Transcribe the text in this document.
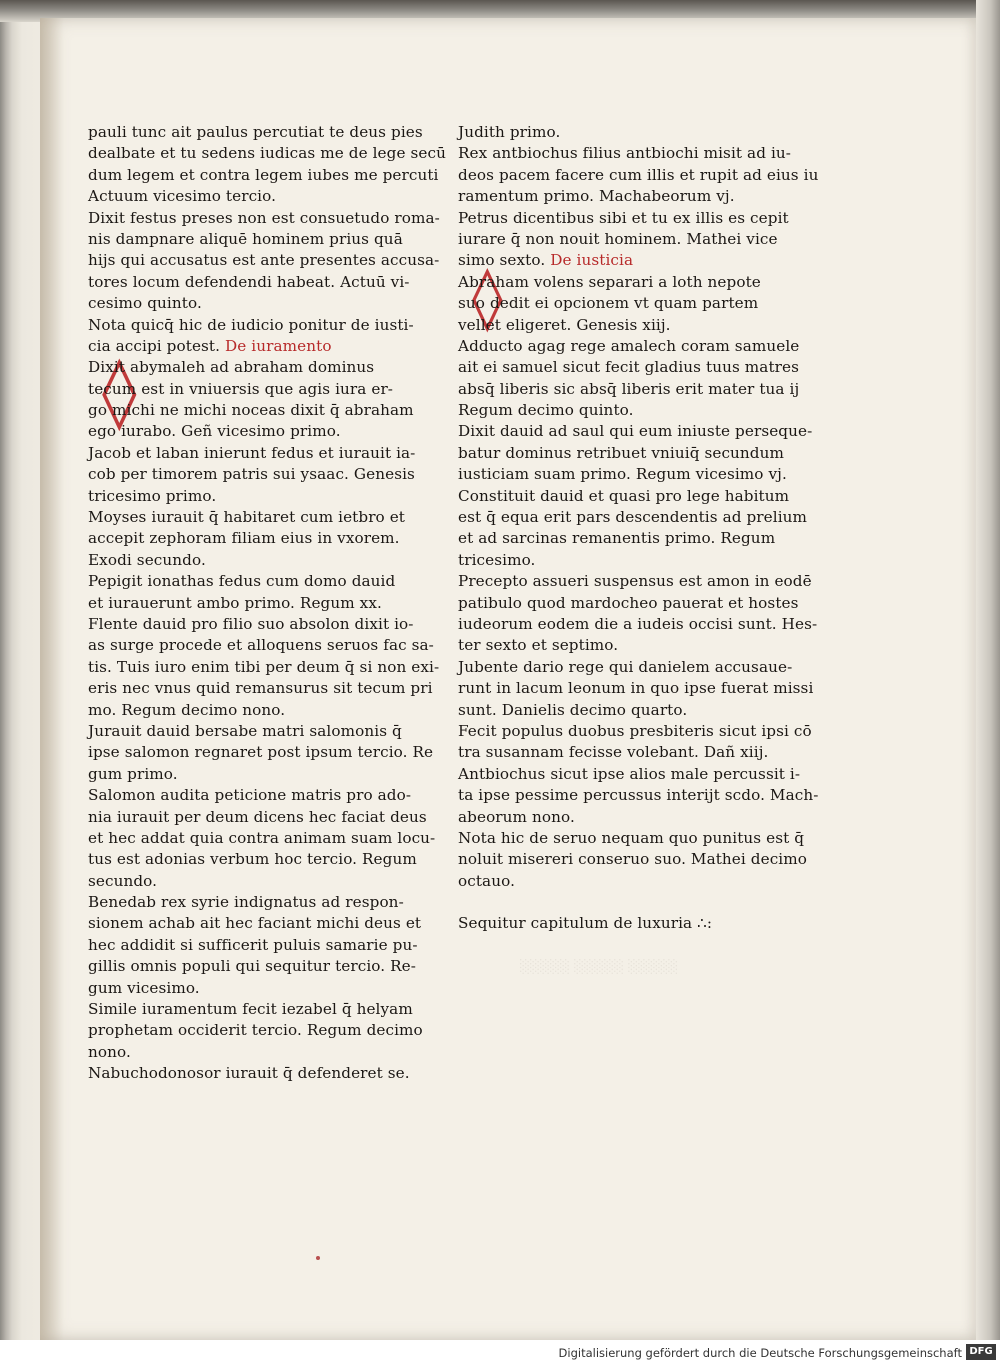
◊
◊
pauli tunc ait paulus percutiat te deus pies
dealbate et tu sedens iudicas me de lege secū
dum legem et contra legem iubes me percuti
Actuum vicesimo tercio.
Dixit festus preses non est consuetudo roma-
nis dampnare aliquē hominem prius quā
hijs qui accusatus est ante presentes accusa-
tores locum defendendi habeat. Actuū vi-
cesimo quinto.
Nota quicq̄ hic de iudicio ponitur de iusti-
cia accipi potest. De iuramento
Dixit abymaleh ad abraham dominus
tecum est in vniuersis que agis iura er-
go michi ne michi noceas dixit q̄ abraham
ego iurabo. Geñ vicesimo primo.
Jacob et laban inierunt fedus et iurauit ia-
cob per timorem patris sui ysaac. Genesis
tricesimo primo.
Moyses iurauit q̄ habitaret cum ietbro et
accepit zephoram filiam eius in vxorem.
Exodi secundo.
Pepigit ionathas fedus cum domo dauid
et iurauerunt ambo primo. Regum xx.
Flente dauid pro filio suo absolon dixit io-
as surge procede et alloquens seruos fac sa-
tis. Tuis iuro enim tibi per deum q̄ si non exi-
eris nec vnus quid remansurus sit tecum pri
mo. Regum decimo nono.
Jurauit dauid bersabe matri salomonis q̄
ipse salomon regnaret post ipsum tercio. Re
gum primo.
Salomon audita peticione matris pro ado-
nia iurauit per deum dicens hec faciat deus
et hec addat quia contra animam suam locu-
tus est adonias verbum hoc tercio. Regum
secundo.
Benedab rex syrie indignatus ad respon-
sionem achab ait hec faciant michi deus et
hec addidit si sufficerit puluis samarie pu-
gillis omnis populi qui sequitur tercio. Re-
gum vicesimo.
Simile iuramentum fecit iezabel q̄ helyam
prophetam occiderit tercio. Regum decimo
nono.
Nabuchodonosor iurauit q̄ defenderet se.
Judith primo.
Rex antbiochus filius antbiochi misit ad iu-
deos pacem facere cum illis et rupit ad eius iu
ramentum primo. Machabeorum vj.
Petrus dicentibus sibi et tu ex illis es cepit
iurare q̄ non nouit hominem. Mathei vice
simo sexto. De iusticia
Abraham volens separari a loth nepote
suo dedit ei opcionem vt quam partem
vellet eligeret. Genesis xiij.
Adducto agag rege amalech coram samuele
ait ei samuel sicut fecit gladius tuus matres
absq̄ liberis sic absq̄ liberis erit mater tua ij
Regum decimo quinto.
Dixit dauid ad saul qui eum iniuste perseque-
batur dominus retribuet vniuiq̄ secundum
iusticiam suam primo. Regum vicesimo vj.
Constituit dauid et quasi pro lege habitum
est q̄ equa erit pars descendentis ad prelium
et ad sarcinas remanentis primo. Regum
tricesimo.
Precepto assueri suspensus est amon in eodē
patibulo quod mardocheo pauerat et hostes
iudeorum eodem die a iudeis occisi sunt. Hes-
ter sexto et septimo.
Jubente dario rege qui danielem accusaue-
runt in lacum leonum in quo ipse fuerat missi
sunt. Danielis decimo quarto.
Fecit populus duobus presbiteris sicut ipsi cō
tra susannam fecisse volebant. Dañ xiij.
Antbiochus sicut ipse alios male percussit i-
ta ipse pessime percussus interijt scdo. Mach-
abeorum nono.
Nota hic de seruo nequam quo punitus est q̄
noluit misereri conseruo suo. Mathei decimo
octauo.
Sequitur capitulum de luxuria ∴:
░░░░░ ░░░░░ ░░░░░
Digitalisierung gefördert durch die Deutsche Forschungsgemeinschaft DFG
